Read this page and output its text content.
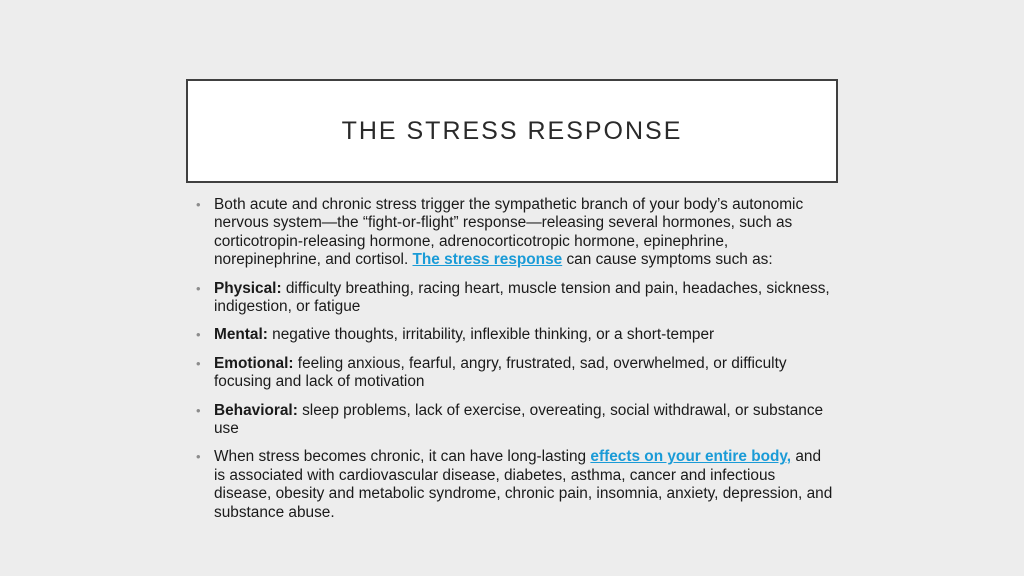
THE STRESS RESPONSE
• Both acute and chronic stress trigger the sympathetic branch of your body’s autonomic nervous system—the “fight-or-flight” response—releasing several hormones, such as corticotropin-releasing hormone, adrenocorticotropic hormone, epinephrine, norepinephrine, and cortisol. The stress response can cause symptoms such as:
• Physical: difficulty breathing, racing heart, muscle tension and pain, headaches, sickness, indigestion, or fatigue
• Mental: negative thoughts, irritability, inflexible thinking, or a short-temper
• Emotional: feeling anxious, fearful, angry, frustrated, sad, overwhelmed, or difficulty focusing and lack of motivation
• Behavioral: sleep problems, lack of exercise, overeating, social withdrawal, or substance use
• When stress becomes chronic, it can have long-lasting effects on your entire body, and is associated with cardiovascular disease, diabetes, asthma, cancer and infectious disease, obesity and metabolic syndrome, chronic pain, insomnia, anxiety, depression, and substance abuse.
